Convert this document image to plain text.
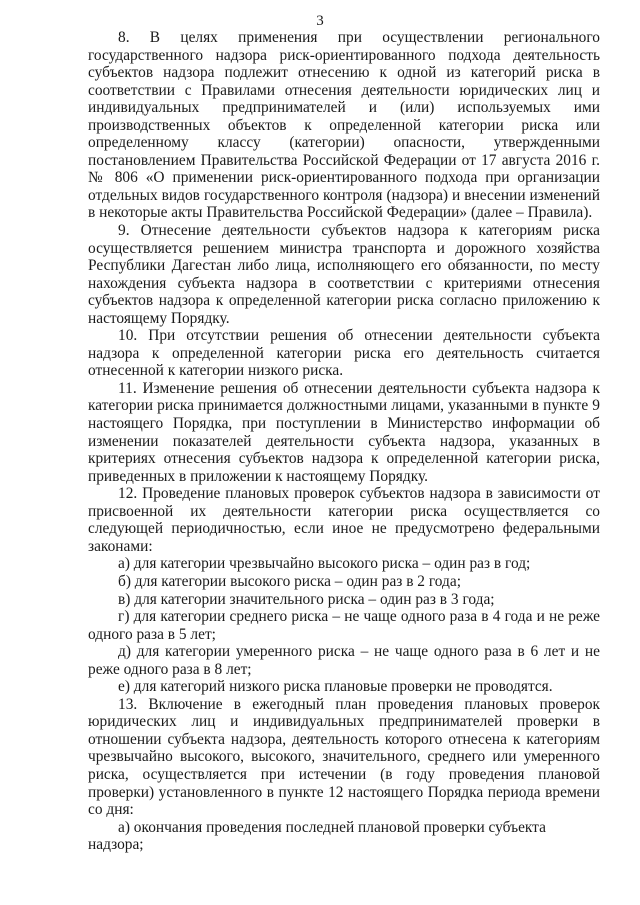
3

8. В целях применения при осуществлении регионального государственного надзора риск-ориентированного подхода деятельность субъектов надзора подлежит отнесению к одной из категорий риска в соответствии с Правилами отнесения деятельности юридических лиц и индивидуальных предпринимателей и (или) используемых ими производственных объектов к определенной категории риска или определенному классу (категории) опасности, утвержденными постановлением Правительства Российской Федерации от 17 августа 2016 г. № 806 «О применении риск-ориентированного подхода при организации отдельных видов государственного контроля (надзора) и внесении изменений в некоторые акты Правительства Российской Федерации» (далее – Правила).

9. Отнесение деятельности субъектов надзора к категориям риска осуществляется решением министра транспорта и дорожного хозяйства Республики Дагестан либо лица, исполняющего его обязанности, по месту нахождения субъекта надзора в соответствии с критериями отнесения субъектов надзора к определенной категории риска согласно приложению к настоящему Порядку.

10. При отсутствии решения об отнесении деятельности субъекта надзора к определенной категории риска его деятельность считается отнесенной к категории низкого риска.

11. Изменение решения об отнесении деятельности субъекта надзора к категории риска принимается должностными лицами, указанными в пункте 9 настоящего Порядка, при поступлении в Министерство информации об изменении показателей деятельности субъекта надзора, указанных в критериях отнесения субъектов надзора к определенной категории риска, приведенных в приложении к настоящему Порядку.

12. Проведение плановых проверок субъектов надзора в зависимости от присвоенной их деятельности категории риска осуществляется со следующей периодичностью, если иное не предусмотрено федеральными законами:

а) для категории чрезвычайно высокого риска – один раз в год;

б) для категории высокого риска – один раз в 2 года;

в) для категории значительного риска – один раз в 3 года;

г) для категории среднего риска – не чаще одного раза в 4 года и не реже одного раза в 5 лет;

д) для категории умеренного риска – не чаще одного раза в 6 лет и не реже одного раза в 8 лет;

е) для категорий низкого риска плановые проверки не проводятся.

13. Включение в ежегодный план проведения плановых проверок юридических лиц и индивидуальных предпринимателей проверки в отношении субъекта надзора, деятельность которого отнесена к категориям чрезвычайно высокого, высокого, значительного, среднего или умеренного риска, осуществляется при истечении (в году проведения плановой проверки) установленного в пункте 12 настоящего Порядка периода времени со дня:

а) окончания проведения последней плановой проверки субъекта надзора;
